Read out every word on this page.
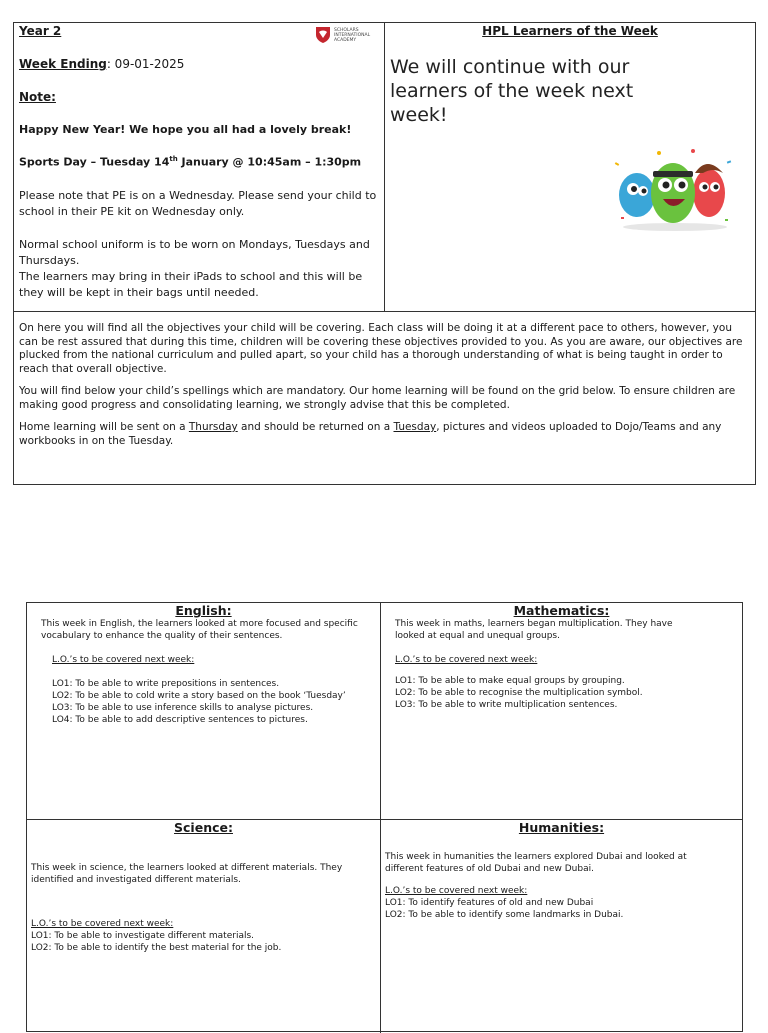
Year 2	SCHOLARS INTERNATIONAL ACADEMY
Week Ending: 09-01-2025
Note:
Happy New Year! We hope you all had a lovely break!
Sports Day – Tuesday 14th January @ 10:45am – 1:30pm
Please note that PE is on a Wednesday. Please send your child to school in their PE kit on Wednesday only.
Normal school uniform is to be worn on Mondays, Tuesdays and Thursdays.
The learners may bring in their iPads to school and this will be they will be kept in their bags until needed.
HPL Learners of the Week
We will continue with our learners of the week next week!

On here you will find all the objectives your child will be covering. Each class will be doing it at a different pace to others, however, you can be rest assured that during this time, children will be covering these objectives provided to you. As you are aware, our objectives are plucked from the national curriculum and pulled apart, so your child has a thorough understanding of what is being taught in order to reach that overall objective.

You will find below your child’s spellings which are mandatory. Our home learning will be found on the grid below. To ensure children are making good progress and consolidating learning, we strongly advise that this be completed.

Home learning will be sent on a Thursday and should be returned on a Tuesday, pictures and videos uploaded to Dojo/Teams and any workbooks in on the Tuesday.

English:
This week in English, the learners looked at more focused and specific vocabulary to enhance the quality of their sentences.
L.O.’s to be covered next week:
LO1: To be able to write prepositions in sentences.
LO2: To be able to cold write a story based on the book ‘Tuesday’
LO3: To be able to use inference skills to analyse pictures.
LO4: To be able to add descriptive sentences to pictures.
Mathematics:
This week in maths, learners began multiplication. They have looked at equal and unequal groups.
L.O.’s to be covered next week:
LO1: To be able to make equal groups by grouping.
LO2: To be able to recognise the multiplication symbol.
LO3: To be able to write multiplication sentences.
Science:
This week in science, the learners looked at different materials. They identified and investigated different materials.
L.O.’s to be covered next week:
LO1: To be able to investigate different materials.
LO2: To be able to identify the best material for the job.
Humanities:
This week in humanities the learners explored Dubai and looked at different features of old Dubai and new Dubai.
L.O.’s to be covered next week:
LO1: To identify features of old and new Dubai
LO2: To be able to identify some landmarks in Dubai.
